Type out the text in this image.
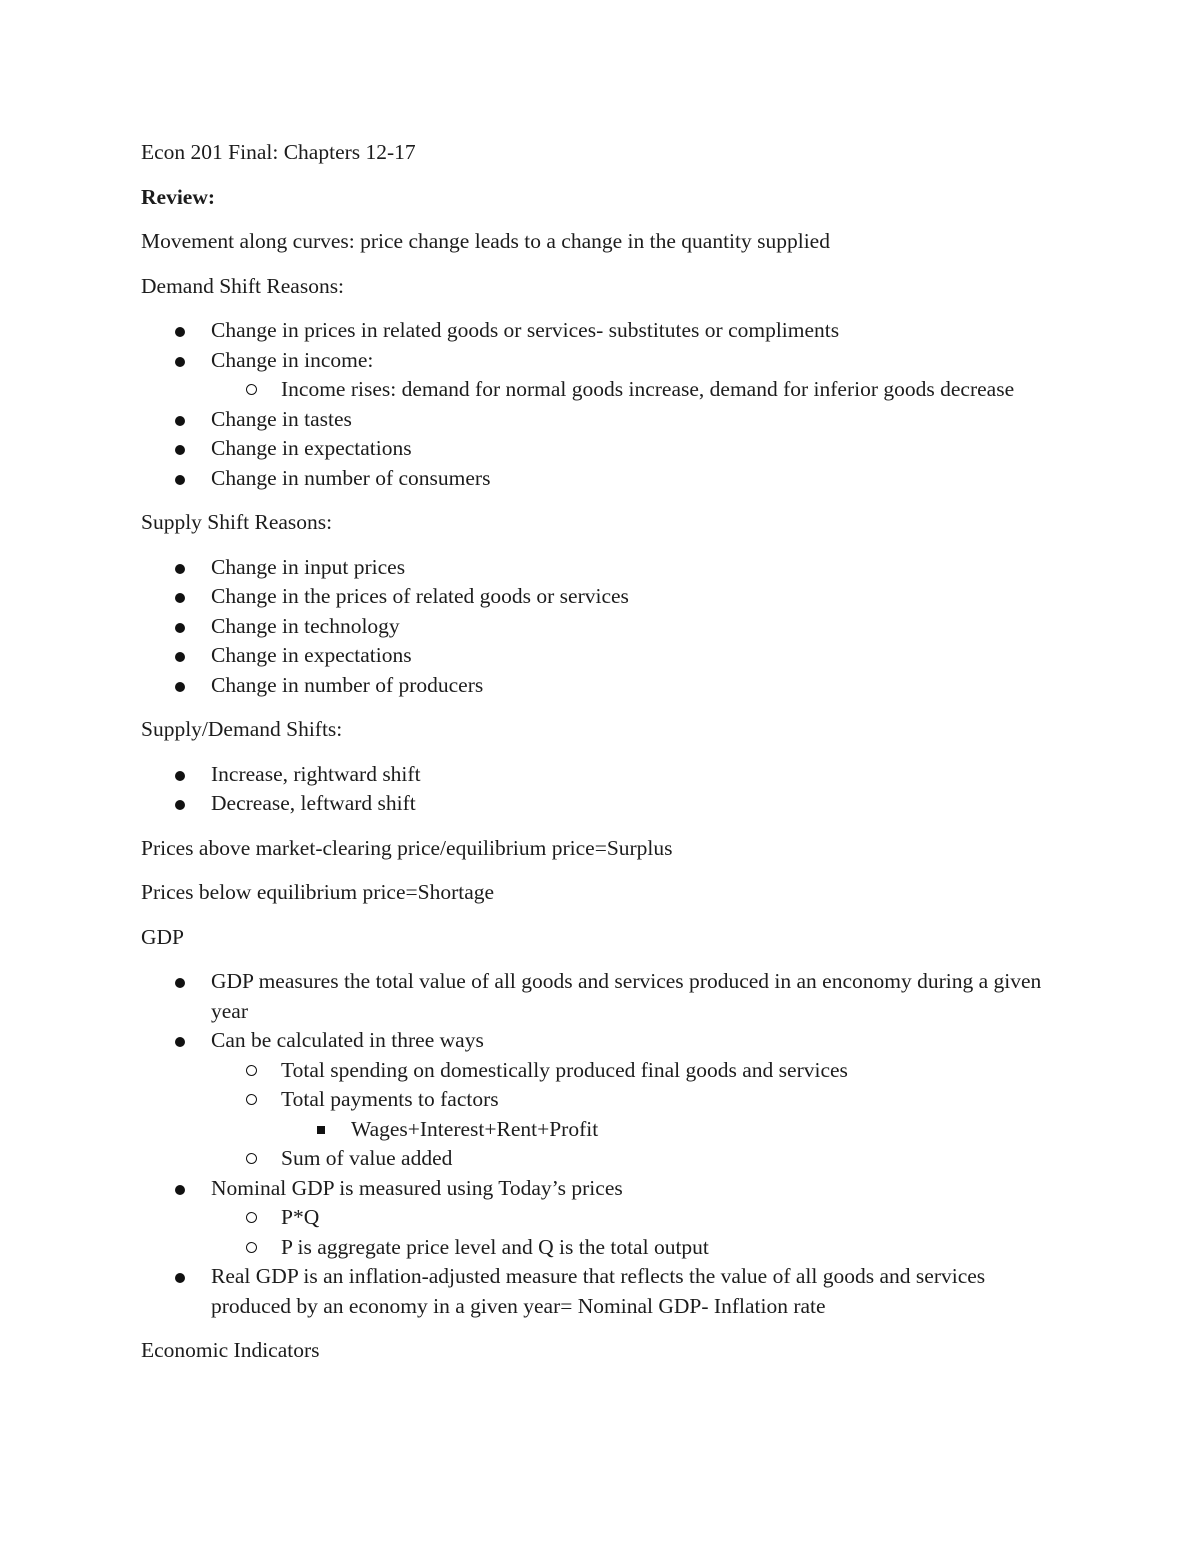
Econ 201 Final: Chapters 12-17

Review:

Movement along curves: price change leads to a change in the quantity supplied

Demand Shift Reasons:

Change in prices in related goods or services- substitutes or compliments
Change in income:
Income rises: demand for normal goods increase, demand for inferior goods decrease
Change in tastes
Change in expectations
Change in number of consumers

Supply Shift Reasons:

Change in input prices
Change in the prices of related goods or services
Change in technology
Change in expectations
Change in number of producers

Supply/Demand Shifts:

Increase, rightward shift
Decrease, leftward shift

Prices above market-clearing price/equilibrium price=Surplus

Prices below equilibrium price=Shortage

GDP

GDP measures the total value of all goods and services produced in an enconomy during a given year
Can be calculated in three ways
Total spending on domestically produced final goods and services
Total payments to factors
Wages+Interest+Rent+Profit
Sum of value added
Nominal GDP is measured using Today’s prices
P*Q
P is aggregate price level and Q is the total output
Real GDP is an inflation-adjusted measure that reflects the value of all goods and services produced by an economy in a given year= Nominal GDP- Inflation rate

Economic Indicators
